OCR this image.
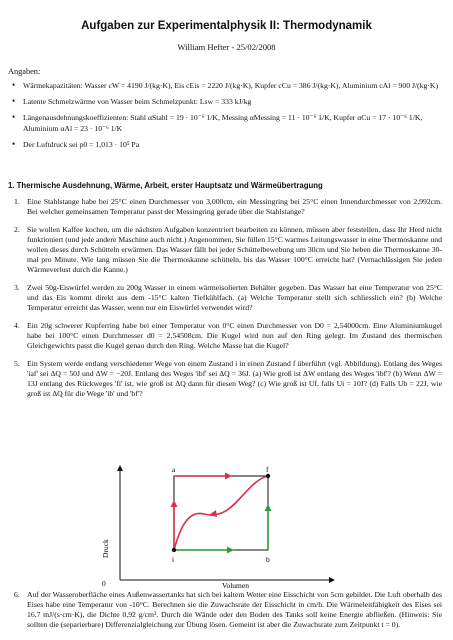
Aufgaben zur Experimentalphysik II: Thermodynamik
William Hefter - 25/02/2008
Angaben:
• Wärmekapazitäten: Wasser cW = 4190 J/(kg·K), Eis cEis = 2220 J/(kg·K), Kupfer cCu = 386 J/(kg·K), Aluminium cAl = 900 J/(kg·K)
• Latente Schmelzwärme von Wasser beim Schmelzpunkt: Lsw = 333 kJ/kg
• Längenausdehnungskoeffizienten: Stahl αStahl = 19 · 10⁻⁶ 1/K, Messing αMessing = 11 · 10⁻⁶ 1/K, Kupfer αCu = 17 · 10⁻⁶ 1/K, Aluminium αAl = 23 · 10⁻⁶ 1/K
• Der Luftdruck sei p0 = 1,013 · 10⁵ Pa
1. Thermische Ausdehnung, Wärme, Arbeit, erster Hauptsatz und Wärmeübertragung
1. Eine Stahlstange habe bei 25°C einen Durchmesser von 3,000cm, ein Messingring bei 25°C einen Innendurchmesser von 2,992cm. Bei welcher gemeinsamen Temperatur passt der Messingring gerade über die Stahlstange?
2. Sie wollen Kaffee kochen, um die nächsten Aufgaben konzentriert bearbeiten zu können, müssen aber feststellen, dass Ihr Herd nicht funktioniert (und jede andere Maschine auch nicht.) Angenommen, Sie füllen 15°C warmes Leitungswasser in eine Thermoskanne und wollen dieses durch Schütteln erwärmen. Das Wasser fällt bei jeder Schüttelbewebung um 30cm und Sie heben die Thermoskanne 30-mal pro Minute. Wie lang müssen Sie die Thermoskanne schütteln, bis das Wasser 100°C erreicht hat? (Vernachlässigen Sie jeden Wärmeverlust durch die Kanne.)
3. Zwei 50g-Eiswürfel werden zu 200g Wasser in einem wärmeisolierten Behälter gegeben. Das Wasser hat eine Temperatur von 25°C und das Eis kommt direkt aus dem -15°C kalten Tiefkühlfach. (a) Welche Temperatur stellt sich schliesslich ein? (b) Welche Temperatur erreicht das Wasser, wenn nur ein Eiswürfel verwendet wird?
4. Ein 20g schwerer Kupferring habe bei einer Temperatur von 0°C einen Durchmesser von D0 = 2,54000cm. Eine Aluminiumkugel habe bei 100°C einen Durchmesser d0 = 2,54508cm. Die Kugel wird nun auf den Ring gelegt. Im Zustand des thermischen Gleichgewichts passt die Kugel genau durch den Ring. Welche Masse hat die Kugel?
5. Ein System werde entlang verschiedener Wege von einem Zustand i in einen Zustand f überführt (vgl. Abbildung). Entlang des Weges 'iaf' sei ΔQ = 50J und ΔW = −20J. Entlang des Weges 'ibf' sei ΔQ = 36J. (a) Wie groß ist ΔW entlang des Weges 'ibf'? (b) Wenn ΔW = 13J entlang des Rückweges 'fi' ist, wie groß ist ΔQ dann für diesen Weg? (c) Wie groß ist Uf, falls Ui = 10J? (d) Falls Ub = 22J, wie groß ist ΔQ für die Wege 'ib' und 'bf'?
0
Druck
Volumen
a	f
i	b
6. Auf der Wasseroberfläche eines Außenwassertanks hat sich bei kaltem Wetter eine Eisschicht von 5cm gebildet. Die Luft oberhalb des Eises habe eine Temperatur von -10°C. Berechnen sie die Zuwachsrate der Eisschicht in cm/h. Die Wärmeleitfähigkeit des Eises sei 16,7 mJ/(s·cm·K), die Dichte 0,92 g/cm³. Durch die Wände oder den Boden des Tanks soll keine Energie abfließen. (Hinweis: Sie sollten die (separierbare) Differenzialgleichung zur Übung lösen. Gemeint ist aber die Zuwachsrate zum Zeitpunkt t = 0).
